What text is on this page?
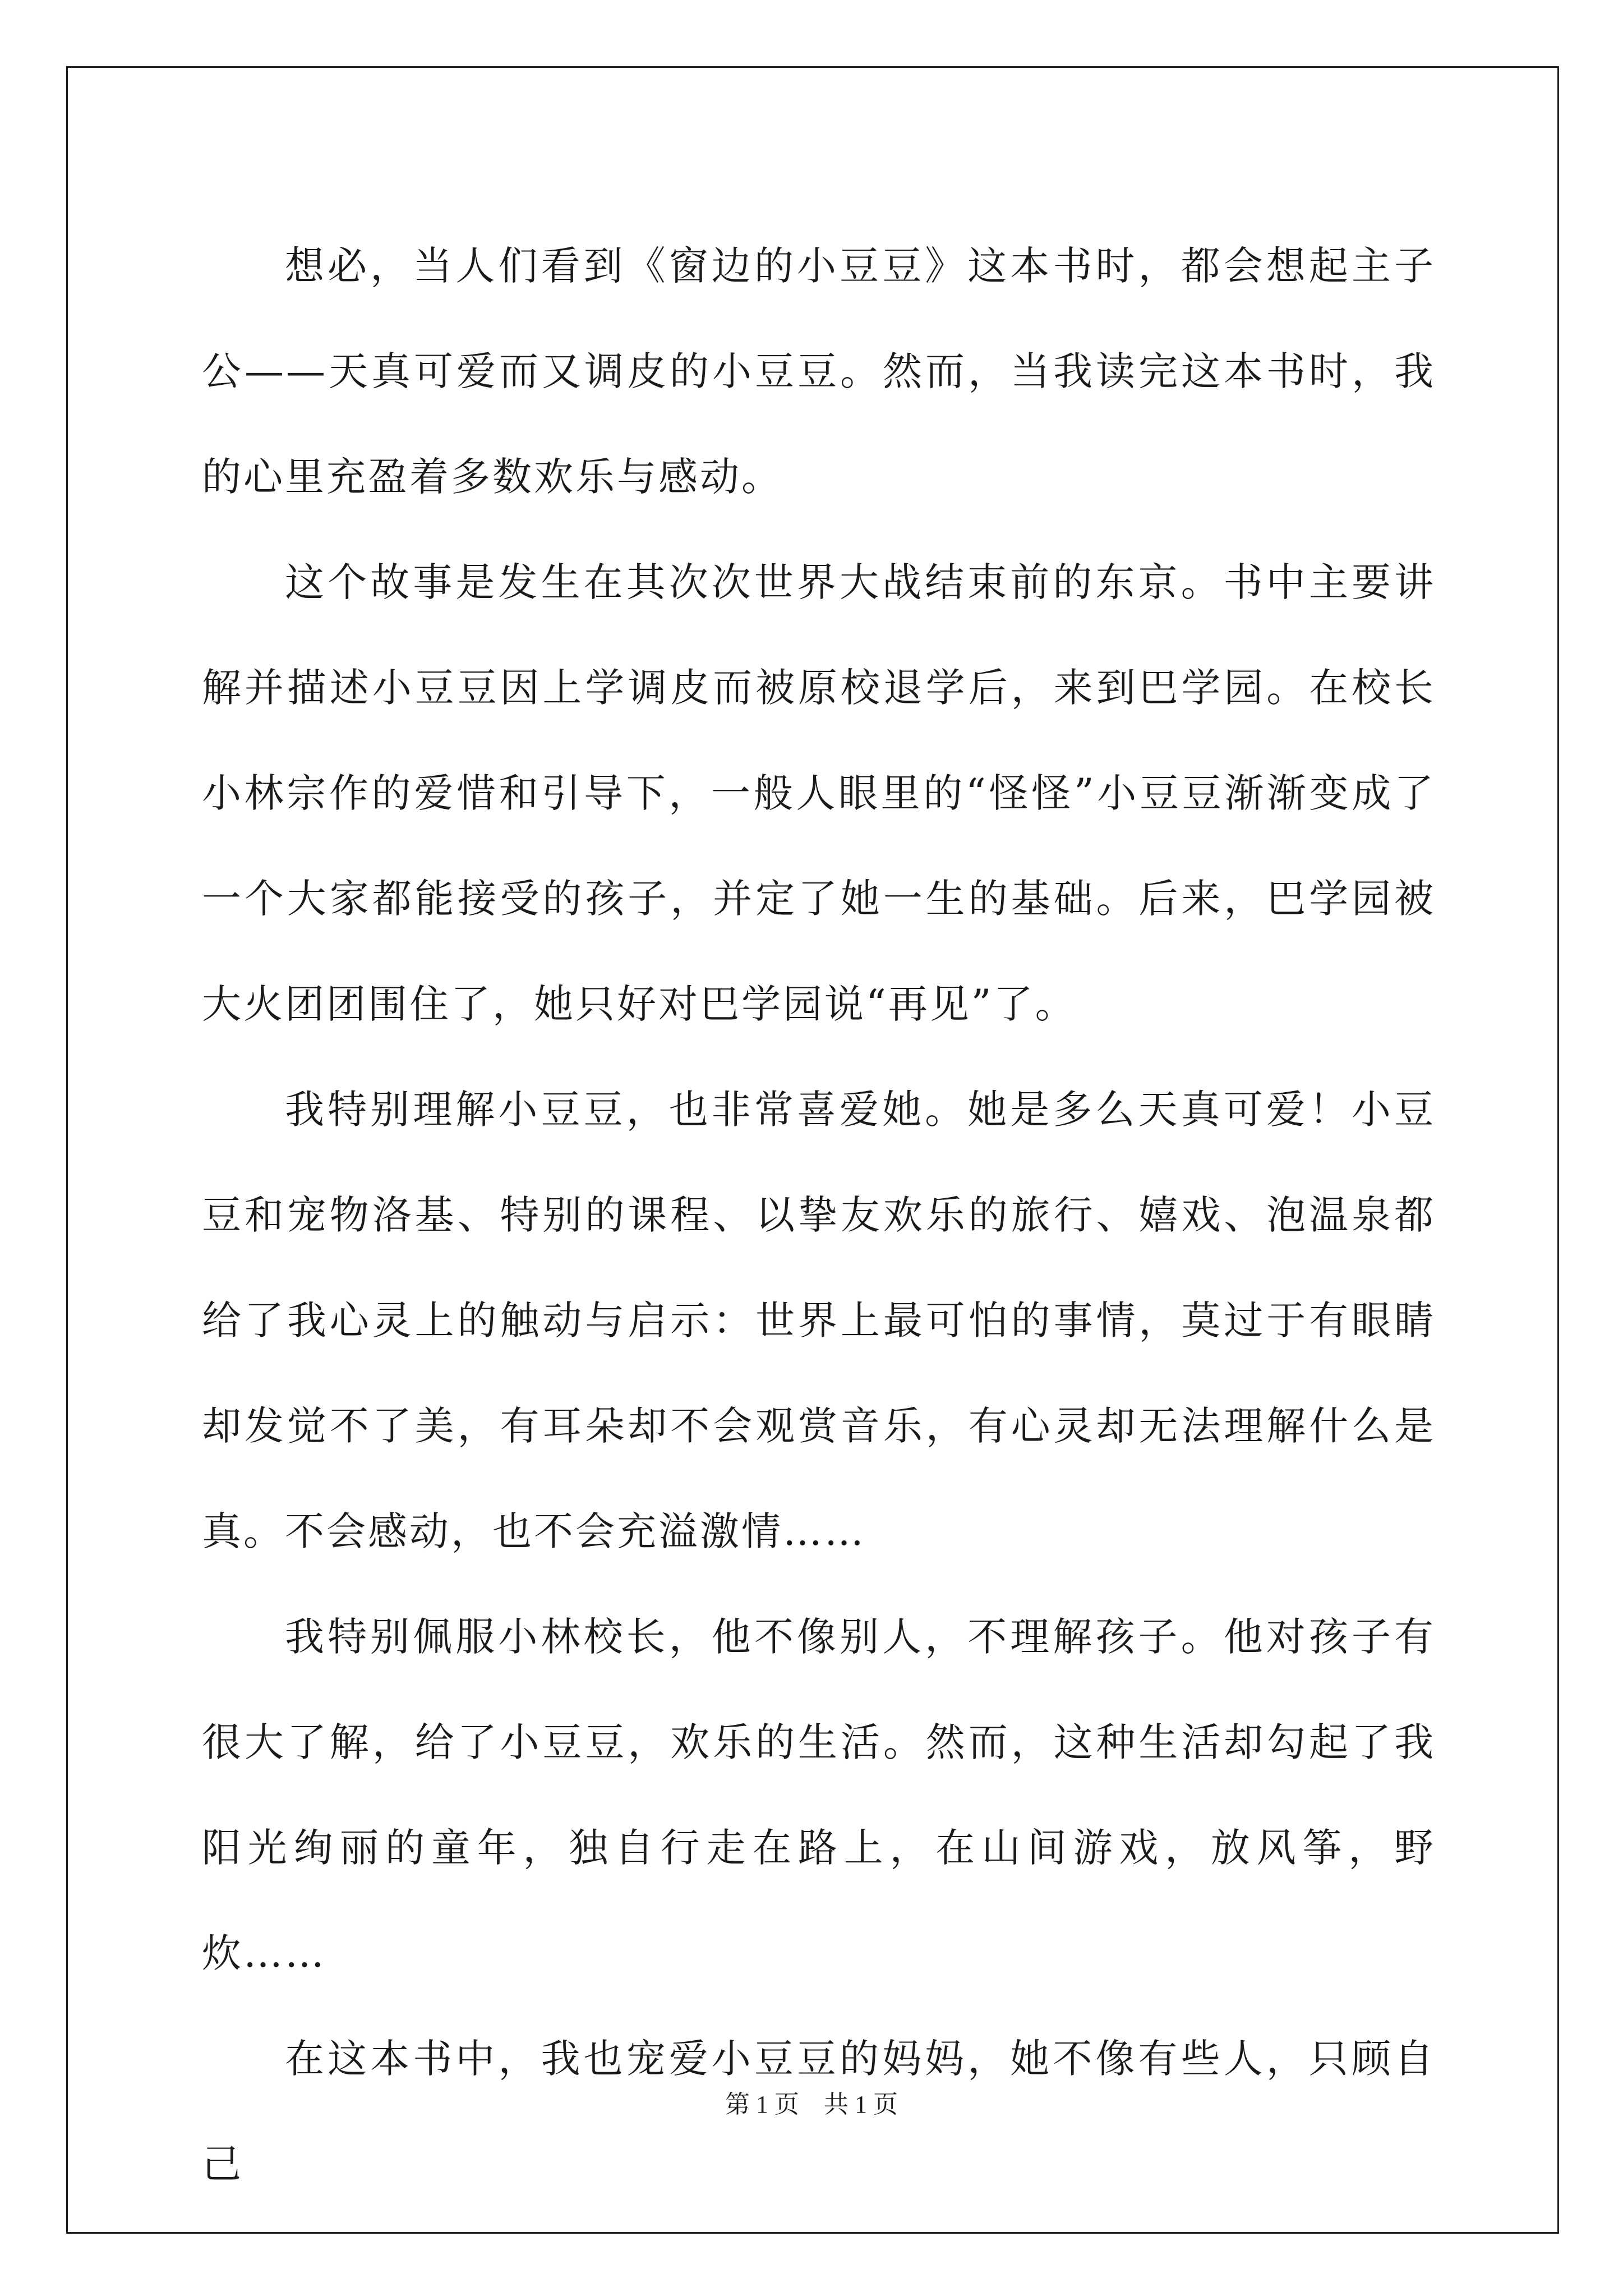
想必，当人们看到《窗边的小豆豆》这本书时，都会想起主子公——天真可爱而又调皮的小豆豆。然而，当我读完这本书时，我的心里充盈着多数欢乐与感动。

这个故事是发生在其次次世界大战结束前的东京。书中主要讲解并描述小豆豆因上学调皮而被原校退学后，来到巴学园。在校长小林宗作的爱惜和引导下，一般人眼里的“怪怪”小豆豆渐渐变成了一个大家都能接受的孩子，并定了她一生的基础。后来，巴学园被大火团团围住了，她只好对巴学园说“再见”了。

我特别理解小豆豆，也非常喜爱她。她是多么天真可爱！小豆豆和宠物洛基、特别的课程、以挚友欢乐的旅行、嬉戏、泡温泉都给了我心灵上的触动与启示：世界上最可怕的事情，莫过于有眼睛却发觉不了美，有耳朵却不会观赏音乐，有心灵却无法理解什么是真。不会感动，也不会充溢激情……

我特别佩服小林校长，他不像别人，不理解孩子。他对孩子有很大了解，给了小豆豆，欢乐的生活。然而，这种生活却勾起了我阳光绚丽的童年，独自行走在路上，在山间游戏，放风筝，野炊……

在这本书中，我也宠爱小豆豆的妈妈，她不像有些人，只顾自己

第 1 页 共 1 页
